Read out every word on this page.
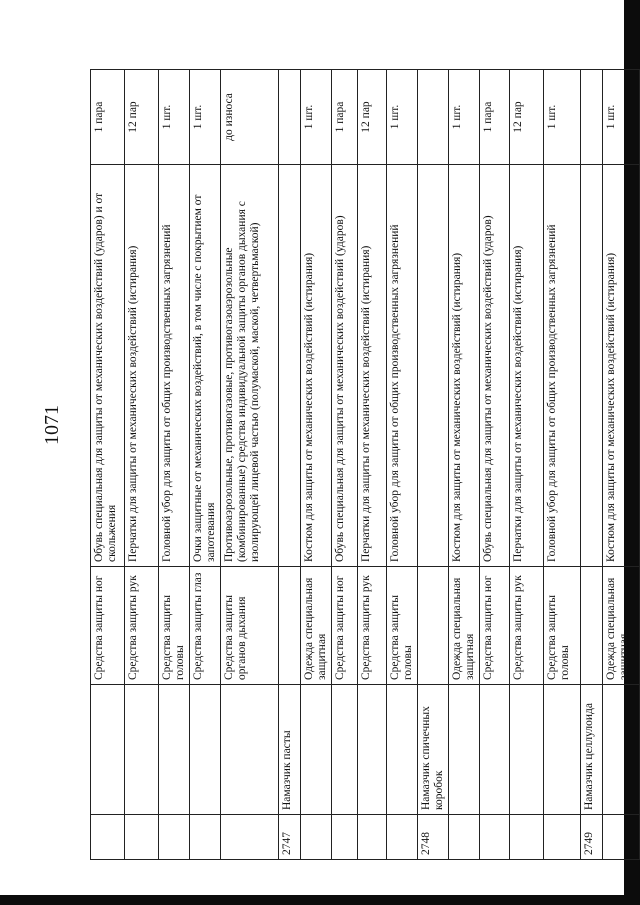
1071
		Средства защиты ног	Обувь специальная для защиты от механических воздействий (ударов) и от скольжения	1 пара
		Средства защиты рук	Перчатки для защиты от механических воздействий (истирания)	12 пар
		Средства защиты головы	Головной убор для защиты от общих производственных загрязнений	1 шт.
		Средства защиты глаз	Очки защитные от механических воздействий, в том числе с покрытием от запотевания	1 шт.
		Средства защиты органов дыхания	Противоаэрозольные, противогазовые, противогазоаэрозольные (комбинированные) средства индивидуальной защиты органов дыхания с изолирующей лицевой частью (полумаской, маской, четвертьмаской)	до износа
2747	Намазчик пасты			
		Одежда специальная защитная	Костюм для защиты от механических воздействий (истирания)	1 шт.
		Средства защиты ног	Обувь специальная для защиты от механических воздействий (ударов)	1 пара
		Средства защиты рук	Перчатки для защиты от механических воздействий (истирания)	12 пар
		Средства защиты головы	Головной убор для защиты от общих производственных загрязнений	1 шт.
2748	Намазчик спичечных коробок			
		Одежда специальная защитная	Костюм для защиты от механических воздействий (истирания)	1 шт.
		Средства защиты ног	Обувь специальная для защиты от механических воздействий (ударов)	1 пара
		Средства защиты рук	Перчатки для защиты от механических воздействий (истирания)	12 пар
		Средства защиты головы	Головной убор для защиты от общих производственных загрязнений	1 шт.
2749	Намазчик целлулоида			
		Одежда специальная защитная	Костюм для защиты от механических воздействий (истирания)	1 шт.
